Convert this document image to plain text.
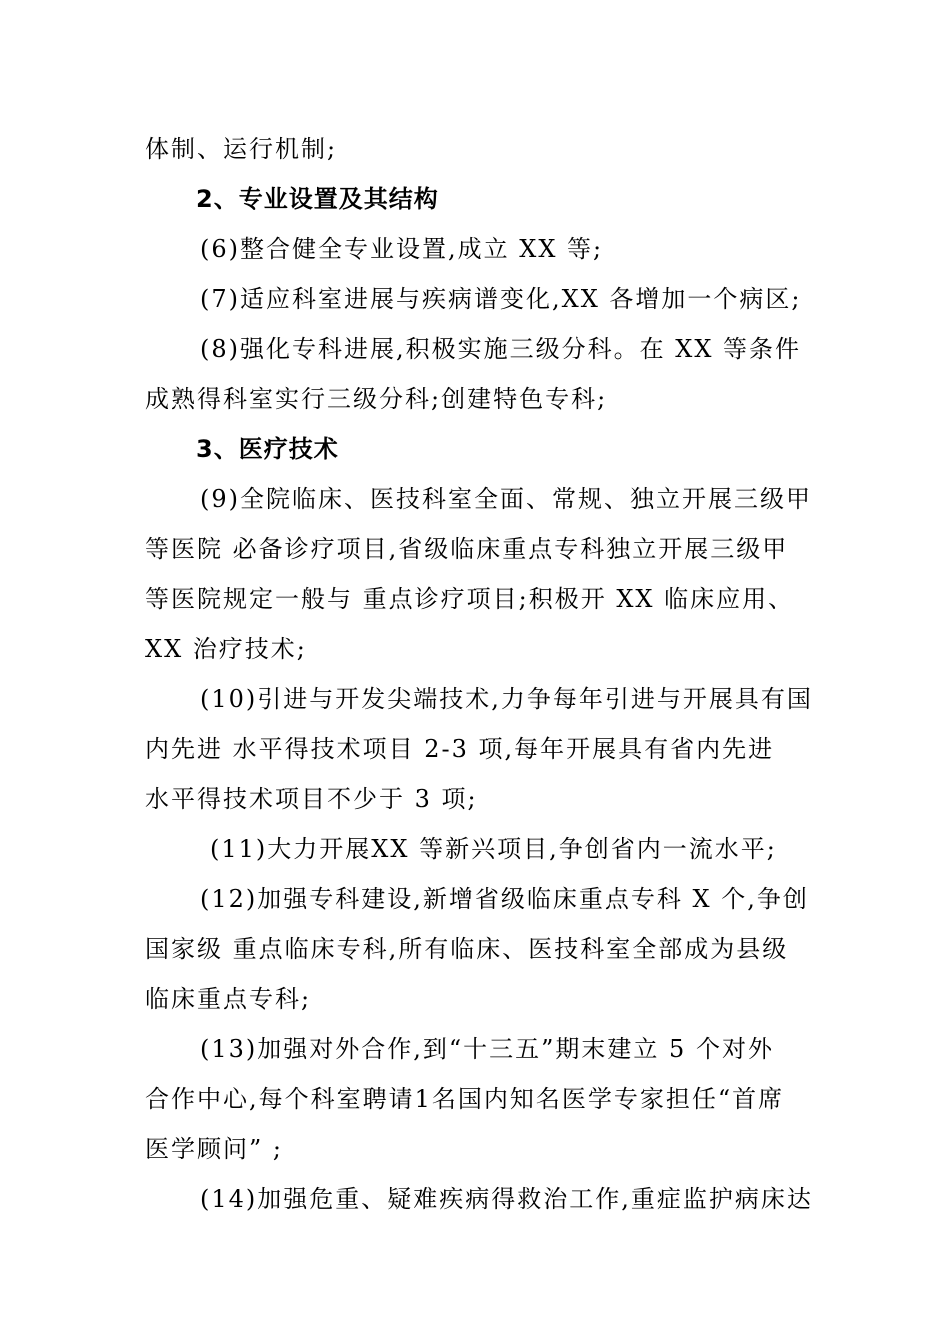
体制、运行机制;
2、专业设置及其结构
(6)整合健全专业设置,成立 XX 等;
(7)适应科室进展与疾病谱变化,XX 各增加一个病区;
(8)强化专科进展,积极实施三级分科。在 XX 等条件
成熟得科室实行三级分科;创建特色专科;
3、医疗技术
(9)全院临床、医技科室全面、常规、独立开展三级甲
等医院 必备诊疗项目,省级临床重点专科独立开展三级甲
等医院规定一般与 重点诊疗项目;积极开 XX 临床应用、
XX 治疗技术;
(10)引进与开发尖端技术,力争每年引进与开展具有国
内先进 水平得技术项目 2-3 项,每年开展具有省内先进
水平得技术项目不少于 3 项;
(11)大力开展XX 等新兴项目,争创省内一流水平;
(12)加强专科建设,新增省级临床重点专科 X 个,争创
国家级 重点临床专科,所有临床、医技科室全部成为县级
临床重点专科;
(13)加强对外合作,到“十三五”期末建立 5 个对外
合作中心,每个科室聘请1名国内知名医学专家担任“首席
医学顾问” ;
(14)加强危重、疑难疾病得救治工作,重症监护病床达
